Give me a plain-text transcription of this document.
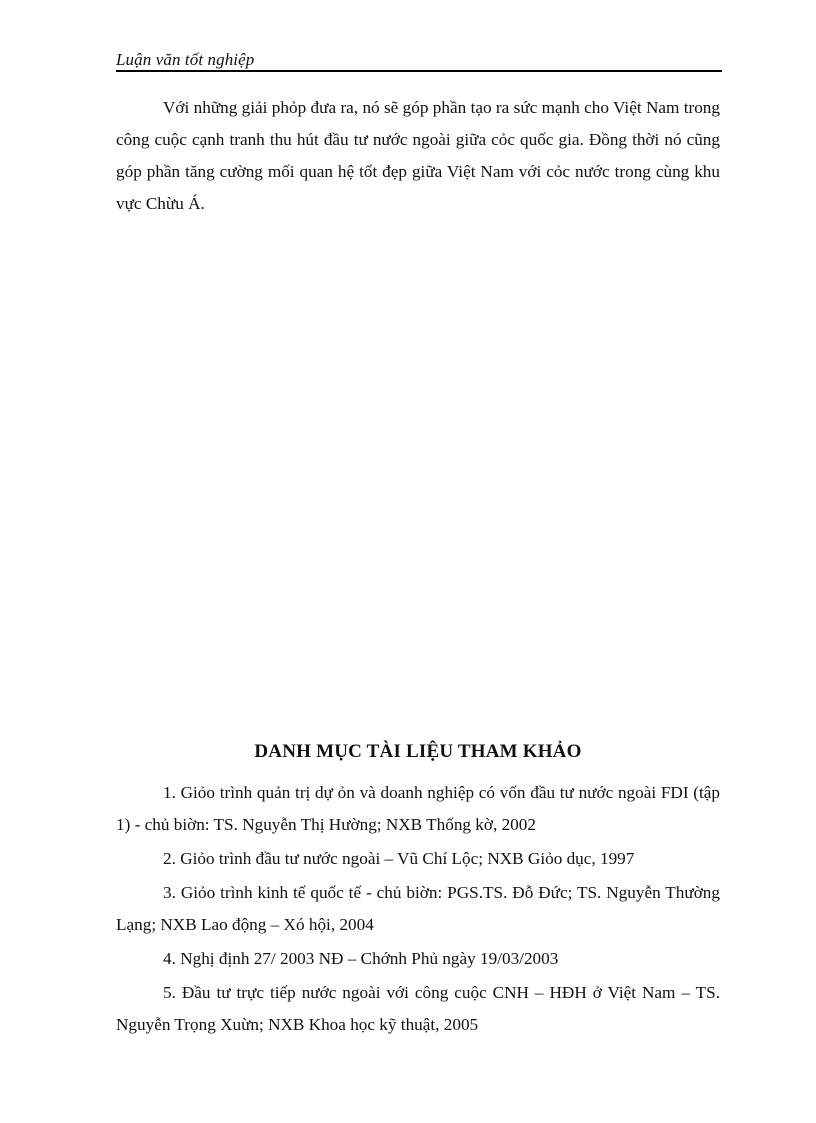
Luận văn tốt nghiệp

Với những giải phỏp đưa ra, nó sẽ góp phần tạo ra sức mạnh cho Việt Nam trong công cuộc cạnh tranh thu hút đầu tư nước ngoài giữa cỏc quốc gia. Đồng thời nó cũng góp phần tăng cường mối quan hệ tốt đẹp giữa Việt Nam với cỏc nước trong cùng khu vực Chừu Á.

DANH MỤC TÀI LIỆU THAM KHẢO

1. Giỏo trình quản trị dự ỏn và doanh nghiệp có vốn đầu tư nước ngoài FDI (tập 1) - chủ biờn: TS. Nguyễn Thị Hường; NXB Thống kờ, 2002

2. Giỏo trình đầu tư nước ngoài – Vũ Chí Lộc; NXB Giỏo dục, 1997

3. Giỏo trình kinh tế quốc tế - chủ biờn: PGS.TS. Đỗ Đức; TS. Nguyễn Thường Lạng; NXB Lao động – Xó hội, 2004

4. Nghị định 27/ 2003 NĐ – Chớnh Phủ ngày 19/03/2003

5. Đầu tư trực tiếp nước ngoài với công cuộc CNH – HĐH ở Việt Nam – TS. Nguyễn Trọng Xuừn; NXB Khoa học kỹ thuật, 2005
